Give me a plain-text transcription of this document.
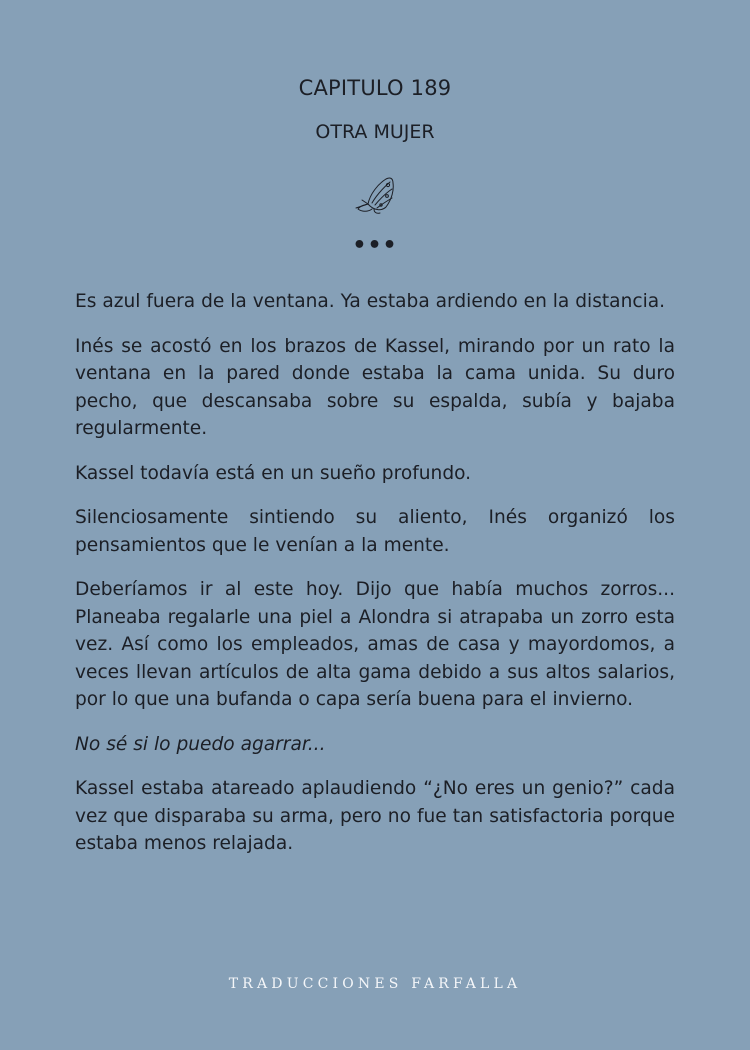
CAPITULO 189
OTRA MUJER
•••

Es azul fuera de la ventana. Ya estaba ardiendo en la distancia.

Inés se acostó en los brazos de Kassel, mirando por un rato la ventana en la pared donde estaba la cama unida. Su duro pecho, que descansaba sobre su espalda, subía y bajaba regularmente.

Kassel todavía está en un sueño profundo.

Silenciosamente sintiendo su aliento, Inés organizó los pensamientos que le venían a la mente.

Deberíamos ir al este hoy. Dijo que había muchos zorros... Planeaba regalarle una piel a Alondra si atrapaba un zorro esta vez. Así como los empleados, amas de casa y mayordomos, a veces llevan artículos de alta gama debido a sus altos salarios, por lo que una bufanda o capa sería buena para el invierno.

No sé si lo puedo agarrar...

Kassel estaba atareado aplaudiendo “¿No eres un genio?” cada vez que disparaba su arma, pero no fue tan satisfactoria porque estaba menos relajada.

TRADUCCIONES FARFALLA
